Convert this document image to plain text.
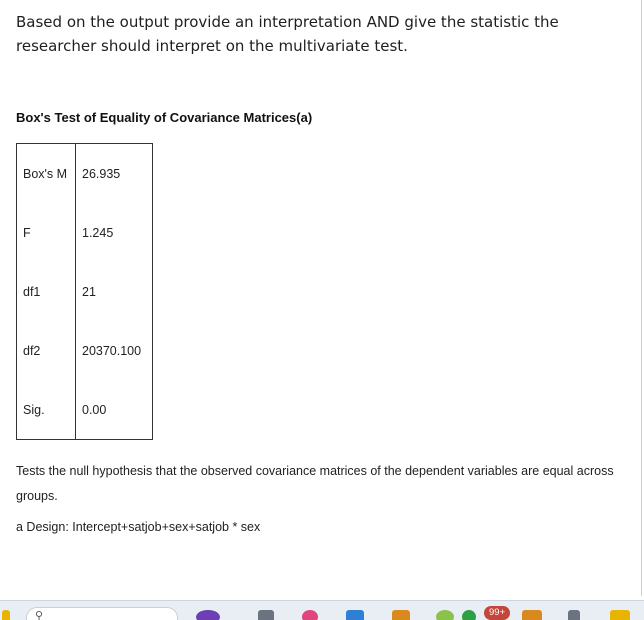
Based on the output provide an interpretation AND give the statistic the researcher should interpret on the multivariate test.
Box's Test of Equality of Covariance Matrices(a)
Box's M	26.935
F	1.245
df1	21
df2	20370.100
Sig.	0.00
Tests the null hypothesis that the observed covariance matrices of the dependent variables are equal across groups.
a Design: Intercept+satjob+sex+satjob * sex
⚲	99+
